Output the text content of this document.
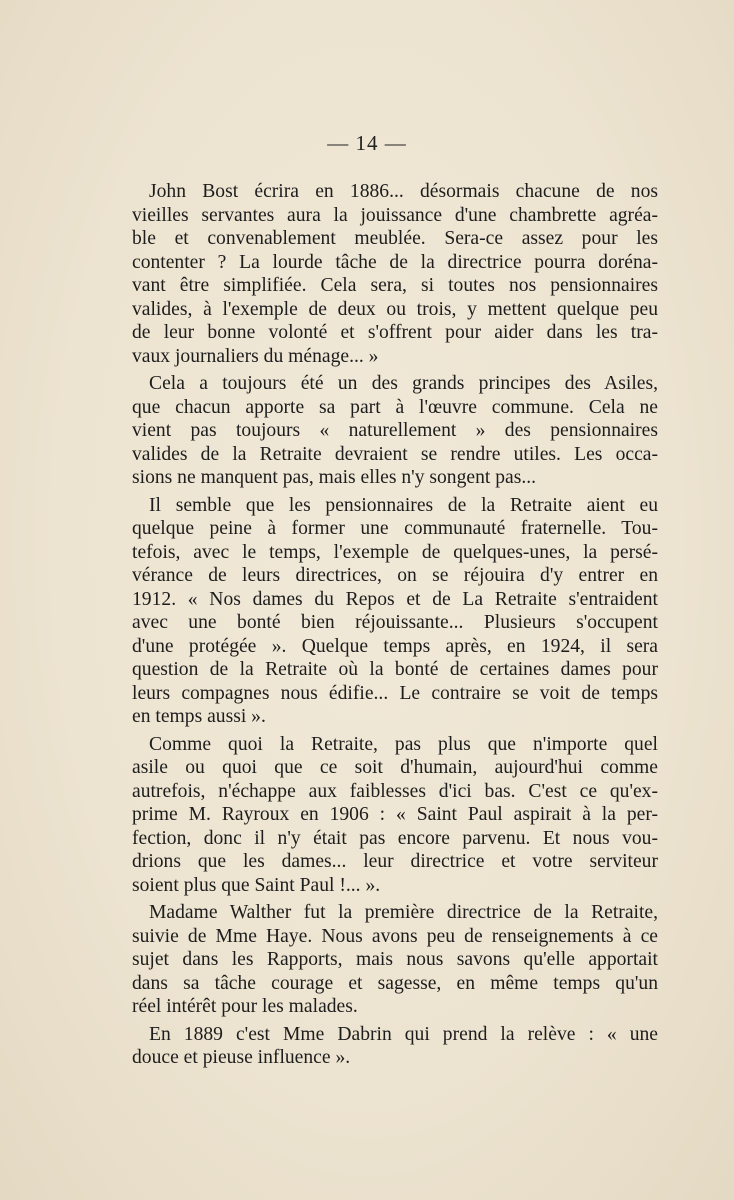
— 14 —
John Bost écrira en 1886... désormais chacune de nos
vieilles servantes aura la jouissance d'une chambrette agréa-
ble et convenablement meublée. Sera-ce assez pour les
contenter ? La lourde tâche de la directrice pourra doréna-
vant être simplifiée. Cela sera, si toutes nos pensionnaires
valides, à l'exemple de deux ou trois, y mettent quelque peu
de leur bonne volonté et s'offrent pour aider dans les tra-
vaux journaliers du ménage... »
Cela a toujours été un des grands principes des Asiles,
que chacun apporte sa part à l'œuvre commune. Cela ne
vient pas toujours « naturellement » des pensionnaires
valides de la Retraite devraient se rendre utiles. Les occa-
sions ne manquent pas, mais elles n'y songent pas...
Il semble que les pensionnaires de la Retraite aient eu
quelque peine à former une communauté fraternelle. Tou-
tefois, avec le temps, l'exemple de quelques-unes, la persé-
vérance de leurs directrices, on se réjouira d'y entrer en
1912. « Nos dames du Repos et de La Retraite s'entraident
avec une bonté bien réjouissante... Plusieurs s'occupent
d'une protégée ». Quelque temps après, en 1924, il sera
question de la Retraite où la bonté de certaines dames pour
leurs compagnes nous édifie... Le contraire se voit de temps
en temps aussi ».
Comme quoi la Retraite, pas plus que n'importe quel
asile ou quoi que ce soit d'humain, aujourd'hui comme
autrefois, n'échappe aux faiblesses d'ici bas. C'est ce qu'ex-
prime M. Rayroux en 1906 : « Saint Paul aspirait à la per-
fection, donc il n'y était pas encore parvenu. Et nous vou-
drions que les dames... leur directrice et votre serviteur
soient plus que Saint Paul !... ».
Madame Walther fut la première directrice de la Retraite,
suivie de Mme Haye. Nous avons peu de renseignements à ce
sujet dans les Rapports, mais nous savons qu'elle apportait
dans sa tâche courage et sagesse, en même temps qu'un
réel intérêt pour les malades.
En 1889 c'est Mme Dabrin qui prend la relève : « une
douce et pieuse influence ».
